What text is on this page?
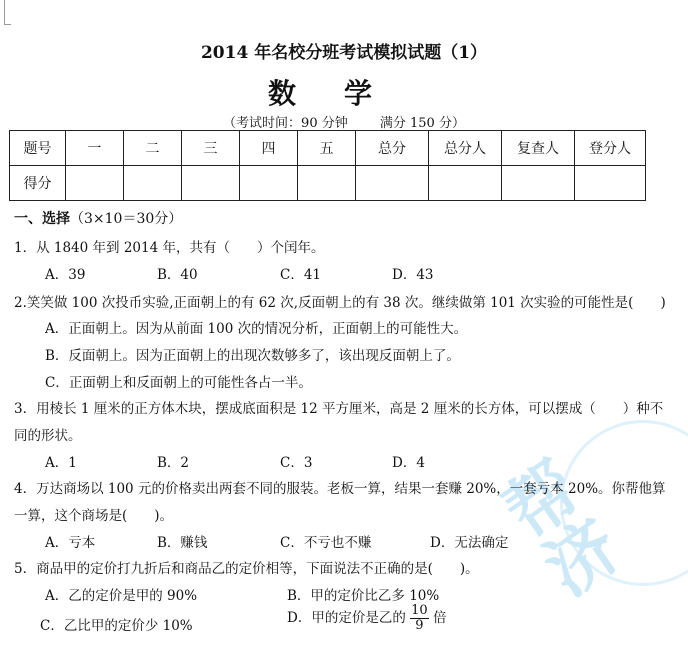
帮 济
2014 年名校分班考试模拟试题（1）
数学
（考试时间：90 分钟 满分 150 分）
题号	一	二	三	四	五	总分	总分人	复查人	登分人
得分									
一、选择（3×10＝30分）
1．从 1840 年到 2014 年，共有（　　）个闰年。
A．39	B．40	C．41	D．43
2.笑笑做 100 次投币实验,正面朝上的有 62 次,反面朝上的有 38 次。继续做第 101 次实验的可能性是(　　)
A．正面朝上。因为从前面 100 次的情况分析，正面朝上的可能性大。
B．反面朝上。因为正面朝上的出现次数够多了，该出现反面朝上了。
C．正面朝上和反面朝上的可能性各占一半。
3．用棱长 1 厘米的正方体木块，摆成底面积是 12 平方厘米，高是 2 厘米的长方体，可以摆成（　　）种不
同的形状。
A．1	B．2	C．3	D．4
4．万达商场以 100 元的价格卖出两套不同的服装。老板一算，结果一套赚 20%，一套亏本 20%。你帮他算
一算，这个商场是(　　)。
A．亏本	B．赚钱	C．不亏也不赚	D．无法确定
5．商品甲的定价打九折后和商品乙的定价相等，下面说法不正确的是(　　)。
A．乙的定价是甲的 90%	B．甲的定价比乙多 10%
C．乙比甲的定价少 10%	D．甲的定价是乙的 $\frac{10}{9}$ 倍
